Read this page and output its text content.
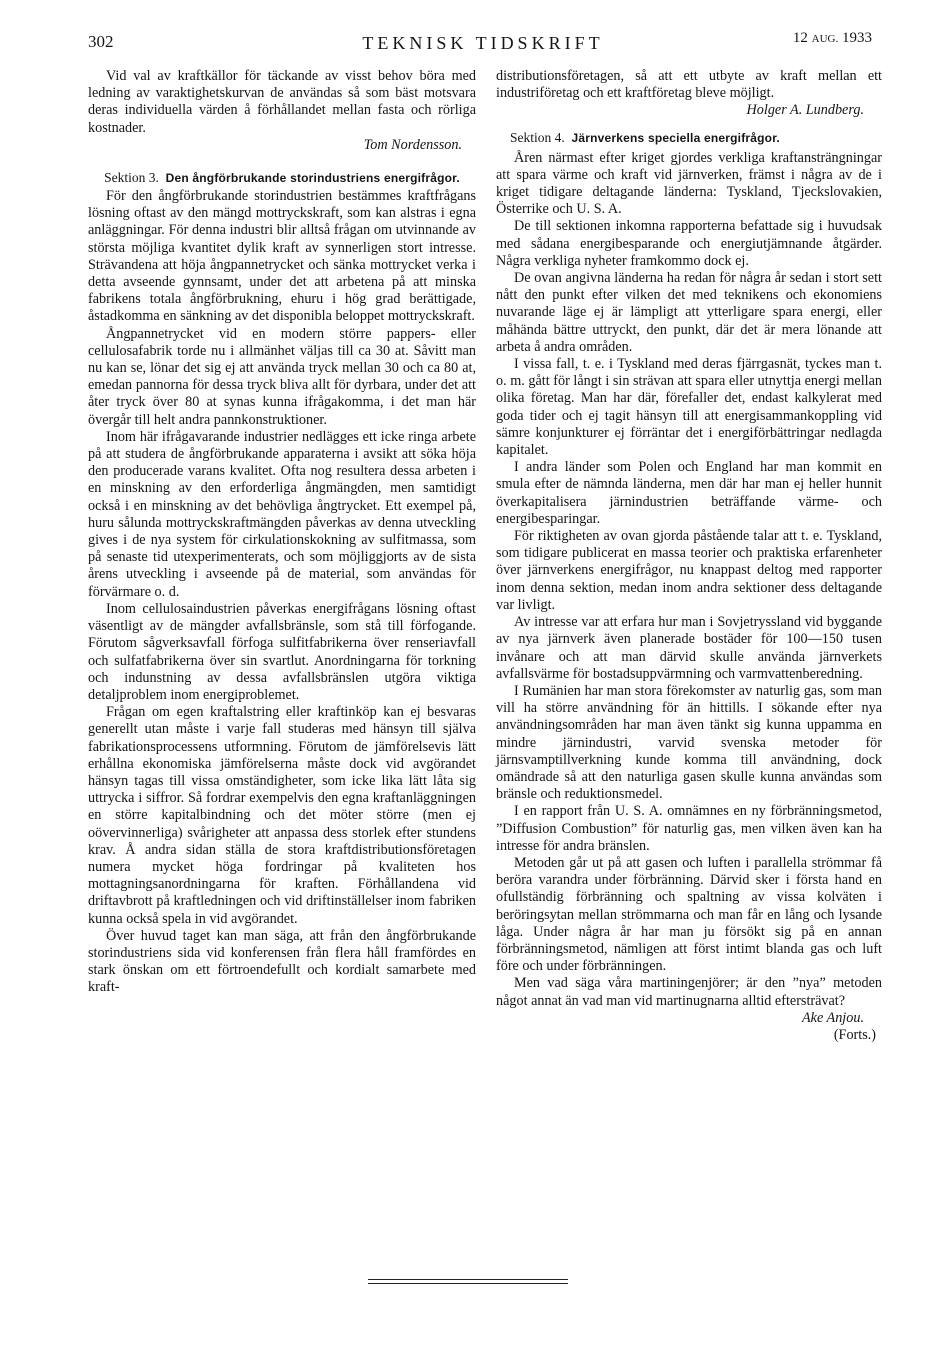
302	TEKNISK TIDSKRIFT	12 AUG. 1933

Vid val av kraftkällor för täckande av visst behov böra med ledning av varaktighetskurvan de användas så som bäst motsvara deras individuella värden å förhållandet mellan fasta och rörliga kostnader.

Tom Nordensson.
Sektion 3. Den ångförbrukande storindustriens energifrågor.

För den ångförbrukande storindustrien bestämmes kraftfrågans lösning oftast av den mängd mottryckskraft, som kan alstras i egna anläggningar. För denna industri blir alltså frågan om utvinnande av största möjliga kvantitet dylik kraft av synnerligen stort intresse. Strävandena att höja ångpannetrycket och sänka mottrycket verka i detta avseende gynnsamt, under det att arbetena på att minska fabrikens totala ångförbrukning, ehuru i hög grad berättigade, åstadkomma en sänkning av det disponibla beloppet mottryckskraft.

Ångpannetrycket vid en modern större pappers- eller cellulosafabrik torde nu i allmänhet väljas till ca 30 at. Såvitt man nu kan se, lönar det sig ej att använda tryck mellan 30 och ca 80 at, emedan pannorna för dessa tryck bliva allt för dyrbara, under det att åter tryck över 80 at synas kunna ifrågakomma, i det man här övergår till helt andra pannkonstruktioner.

Inom här ifrågavarande industrier nedlägges ett icke ringa arbete på att studera de ångförbrukande apparaterna i avsikt att söka höja den producerade varans kvalitet. Ofta nog resultera dessa arbeten i en minskning av den erforderliga ångmängden, men samtidigt också i en minskning av det behövliga ångtrycket. Ett exempel på, huru sålunda mottryckskraftmängden påverkas av denna utveckling gives i de nya system för cirkulationskokning av sulfitmassa, som på senaste tid utexperimenterats, och som möjliggjorts av de sista årens utveckling i avseende på de material, som användas för förvärmare o. d.

Inom cellulosaindustrien påverkas energifrågans lösning oftast väsentligt av de mängder avfallsbränsle, som stå till förfogande. Förutom sågverksavfall förfoga sulfitfabrikerna över renseriavfall och sulfatfabrikerna över sin svartlut. Anordningarna för torkning och indunstning av dessa avfallsbränslen utgöra viktiga detaljproblem inom energiproblemet.

Frågan om egen kraftalstring eller kraftinköp kan ej besvaras generellt utan måste i varje fall studeras med hänsyn till själva fabrikationsprocessens utformning. Förutom de jämförelsevis lätt erhållna ekonomiska jämförelserna måste dock vid avgörandet hänsyn tagas till vissa omständigheter, som icke lika lätt låta sig uttrycka i siffror. Så fordrar exempelvis den egna kraftanläggningen en större kapitalbindning och det möter större (men ej oövervinnerliga) svårigheter att anpassa dess storlek efter stundens krav. Å andra sidan ställa de stora kraftdistributionsföretagen numera mycket höga fordringar på kvaliteten hos mottagningsanordningarna för kraften. Förhållandena vid driftavbrott på kraftledningen och vid driftinställelser inom fabriken kunna också spela in vid avgörandet.

Över huvud taget kan man säga, att från den ångförbrukande storindustriens sida vid konferensen från flera håll framfördes en stark önskan om ett förtroendefullt och kordialt samarbete med kraft-

distributionsföretagen, så att ett utbyte av kraft mellan ett industriföretag och ett kraftföretag bleve möjligt.

Holger A. Lundberg.
Sektion 4. Järnverkens speciella energifrågor.

Åren närmast efter kriget gjordes verkliga kraftansträngningar att spara värme och kraft vid järnverken, främst i några av de i kriget tidigare deltagande länderna: Tyskland, Tjeckslovakien, Österrike och U. S. A.

De till sektionen inkomna rapporterna befattade sig i huvudsak med sådana energibesparande och energiutjämnande åtgärder. Några verkliga nyheter framkommo dock ej.

De ovan angivna länderna ha redan för några år sedan i stort sett nått den punkt efter vilken det med teknikens och ekonomiens nuvarande läge ej är lämpligt att ytterligare spara energi, eller måhända bättre uttryckt, den punkt, där det är mera lönande att arbeta å andra områden.

I vissa fall, t. e. i Tyskland med deras fjärrgasnät, tyckes man t. o. m. gått för långt i sin strävan att spara eller utnyttja energi mellan olika företag. Man har där, förefaller det, endast kalkylerat med goda tider och ej tagit hänsyn till att energisammankoppling vid sämre konjunkturer ej förräntar det i energiförbättringar nedlagda kapitalet.

I andra länder som Polen och England har man kommit en smula efter de nämnda länderna, men där har man ej heller hunnit överkapitalisera järnindustrien beträffande värme- och energibesparingar.

För riktigheten av ovan gjorda påstående talar att t. e. Tyskland, som tidigare publicerat en massa teorier och praktiska erfarenheter över järnverkens energifrågor, nu knappast deltog med rapporter inom denna sektion, medan inom andra sektioner dess deltagande var livligt.

Av intresse var att erfara hur man i Sovjetryssland vid byggande av nya järnverk även planerade bostäder för 100—150 tusen invånare och att man därvid skulle använda järnverkets avfallsvärme för bostadsuppvärmning och varmvattenberedning.

I Rumänien har man stora förekomster av naturlig gas, som man vill ha större användning för än hittills. I sökande efter nya användningsområden har man även tänkt sig kunna uppamma en mindre järnindustri, varvid svenska metoder för järnsvamptillverkning kunde komma till användning, dock omändrade så att den naturliga gasen skulle kunna användas som bränsle och reduktionsmedel.

I en rapport från U. S. A. omnämnes en ny förbränningsmetod, ”Diffusion Combustion” för naturlig gas, men vilken även kan ha intresse för andra bränslen.

Metoden går ut på att gasen och luften i parallella strömmar få beröra varandra under förbränning. Därvid sker i första hand en ofullständig förbränning och spaltning av vissa kolväten i beröringsytan mellan strömmarna och man får en lång och lysande låga. Under några år har man ju försökt sig på en annan förbränningsmetod, nämligen att först intimt blanda gas och luft före och under förbränningen.

Men vad säga våra martiningenjörer; är den ”nya” metoden något annat än vad man vid martinugnarna alltid eftersträvat?

Ake Anjou.
(Forts.)
